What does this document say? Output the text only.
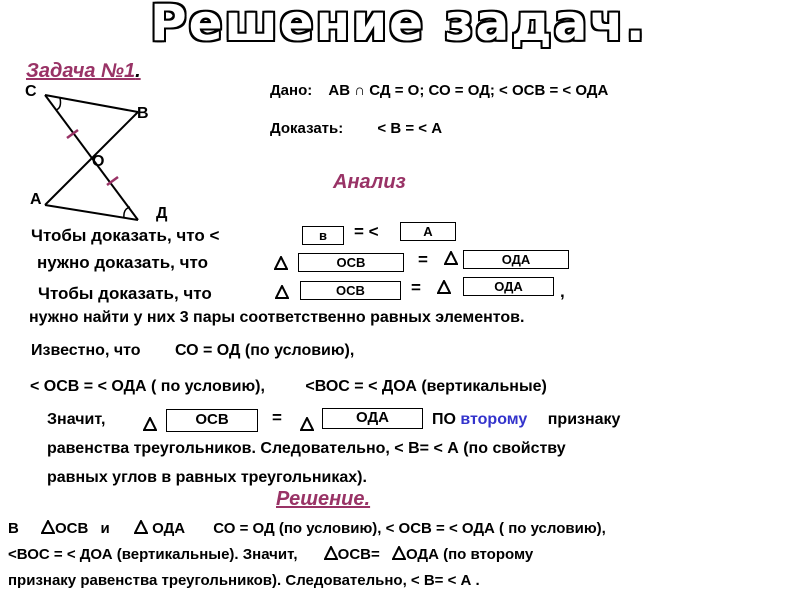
Решение задач.
Задача №1.
С
В
О
А
Д
Дано: АВ ∩ СД = О; СО = ОД; < ОСВ = < ОДА
Доказать: < В = < А
Анализ
Чтобы доказать, что <	в	= <	А
нужно доказать, что	ОСВ	=	ОДА
Чтобы доказать, что	ОСВ	=	ОДА	,
нужно найти у них 3 пары соответственно равных элементов.
Известно, что СО = ОД (по условию),
< ОСВ = < ОДА ( по условию),	<ВОС = < ДОА (вертикальные)
Значит,	ОСВ	=	ОДА	ПО второму признаку
равенства треугольников. Следовательно, < В= < А (по свойству
равных углов в равных треугольниках).
Решение.
В ОСВ и	ОДА СО = ОД (по условию), < ОСВ = < ОДА ( по условию),
<ВОС = < ДОА (вертикальные). Значит,	ОСВ= ОДА (по второму
признаку равенства треугольников). Следовательно, < В= < А .
